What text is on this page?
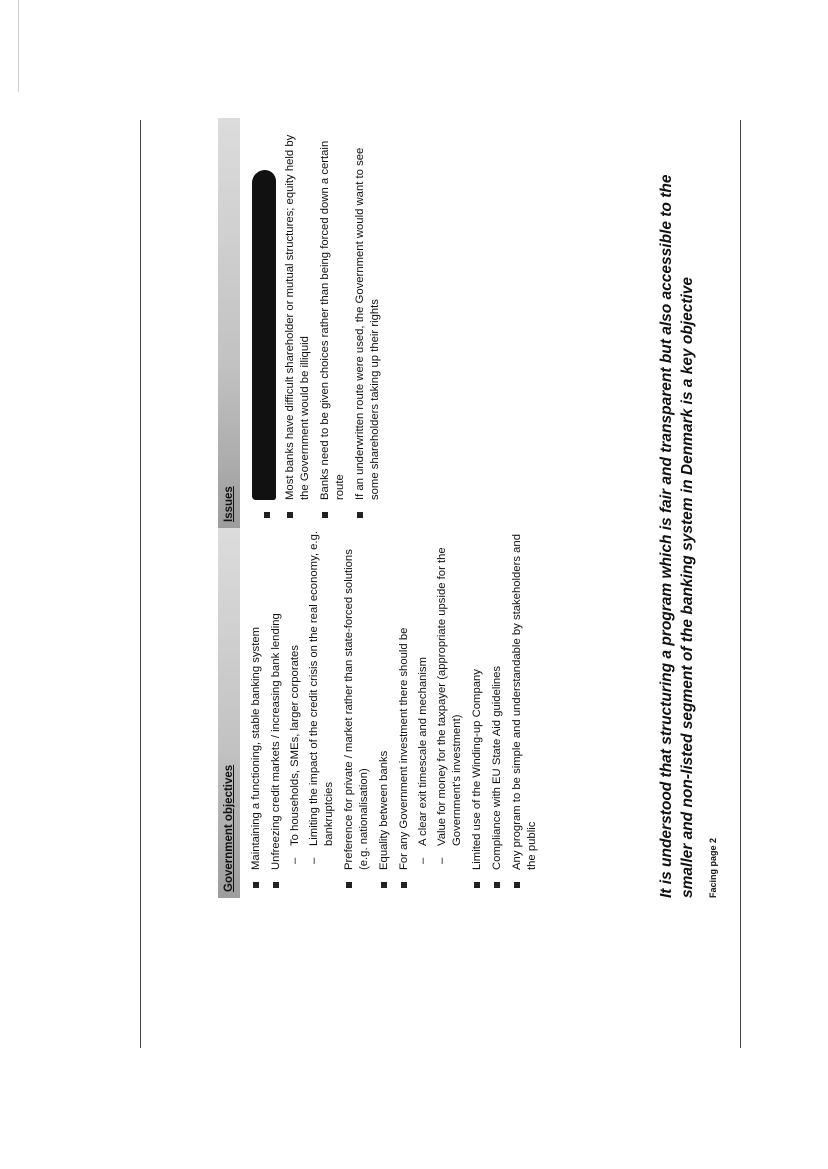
Government objectives	Maintaining a functioning, stable banking system Unfreezing credit markets / increasing bank lending –
To households, SMEs, larger corporates
–
Limiting the impact of the credit crisis on the real economy, e.g. bankruptcies Preference for private / market rather than state-forced solutions (e.g. nationalisation) Equality between banks For any Government investment there should be –
A clear exit timescale and mechanism
–
Value for money for the taxpayer (appropriate upside for the Government's investment) Limited use of the Winding-up Company Compliance with EU State Aid guidelines Any program to be simple and understandable by stakeholders and the public
Issues
Most banks have difficult shareholder or mutual structures; equity held by the Government would be illiquid Banks need to be given choices rather than being forced down a certain route If an underwritten route were used, the Government would want to see some shareholders taking up their rights	It is understood that structuring a program which is fair and transparent but also accessible to the smaller and non-listed segment of the banking system in Denmark is a key objective Facing page 2
